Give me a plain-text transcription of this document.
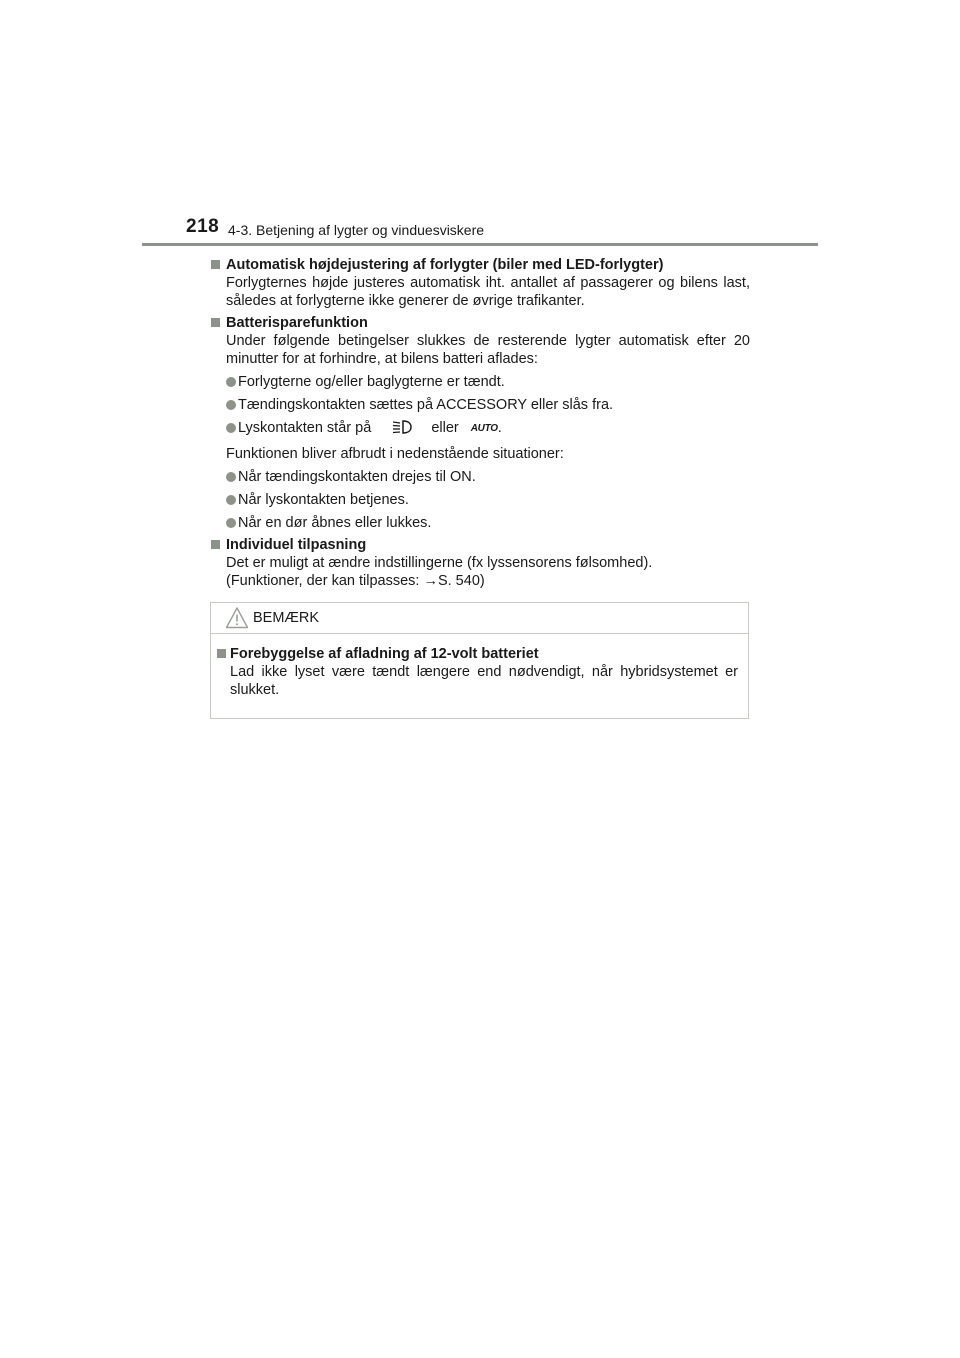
218 4-3. Betjening af lygter og vinduesviskere
Automatisk højdejustering af forlygter (biler med LED-forlygter)
Forlygternes højde justeres automatisk iht. antallet af passagerer og bilens last, således at forlygterne ikke generer de øvrige trafikanter.
Batterisparefunktion
Under følgende betingelser slukkes de resterende lygter automatisk efter 20 minutter for at forhindre, at bilens batteri aflades:
Forlygterne og/eller baglygterne er tændt.
Tændingskontakten sættes på ACCESSORY eller slås fra.
Lyskontakten står på	eller AUTO.
Funktionen bliver afbrudt i nedenstående situationer:
Når tændingskontakten drejes til ON.
Når lyskontakten betjenes.
Når en dør åbnes eller lukkes.
Individuel tilpasning
Det er muligt at ændre indstillingerne (fx lyssensorens følsomhed).
(Funktioner, der kan tilpasses: →S. 540)
BEMÆRK
Forebyggelse af afladning af 12-volt batteriet
Lad ikke lyset være tændt længere end nødvendigt, når hybridsystemet er slukket.
